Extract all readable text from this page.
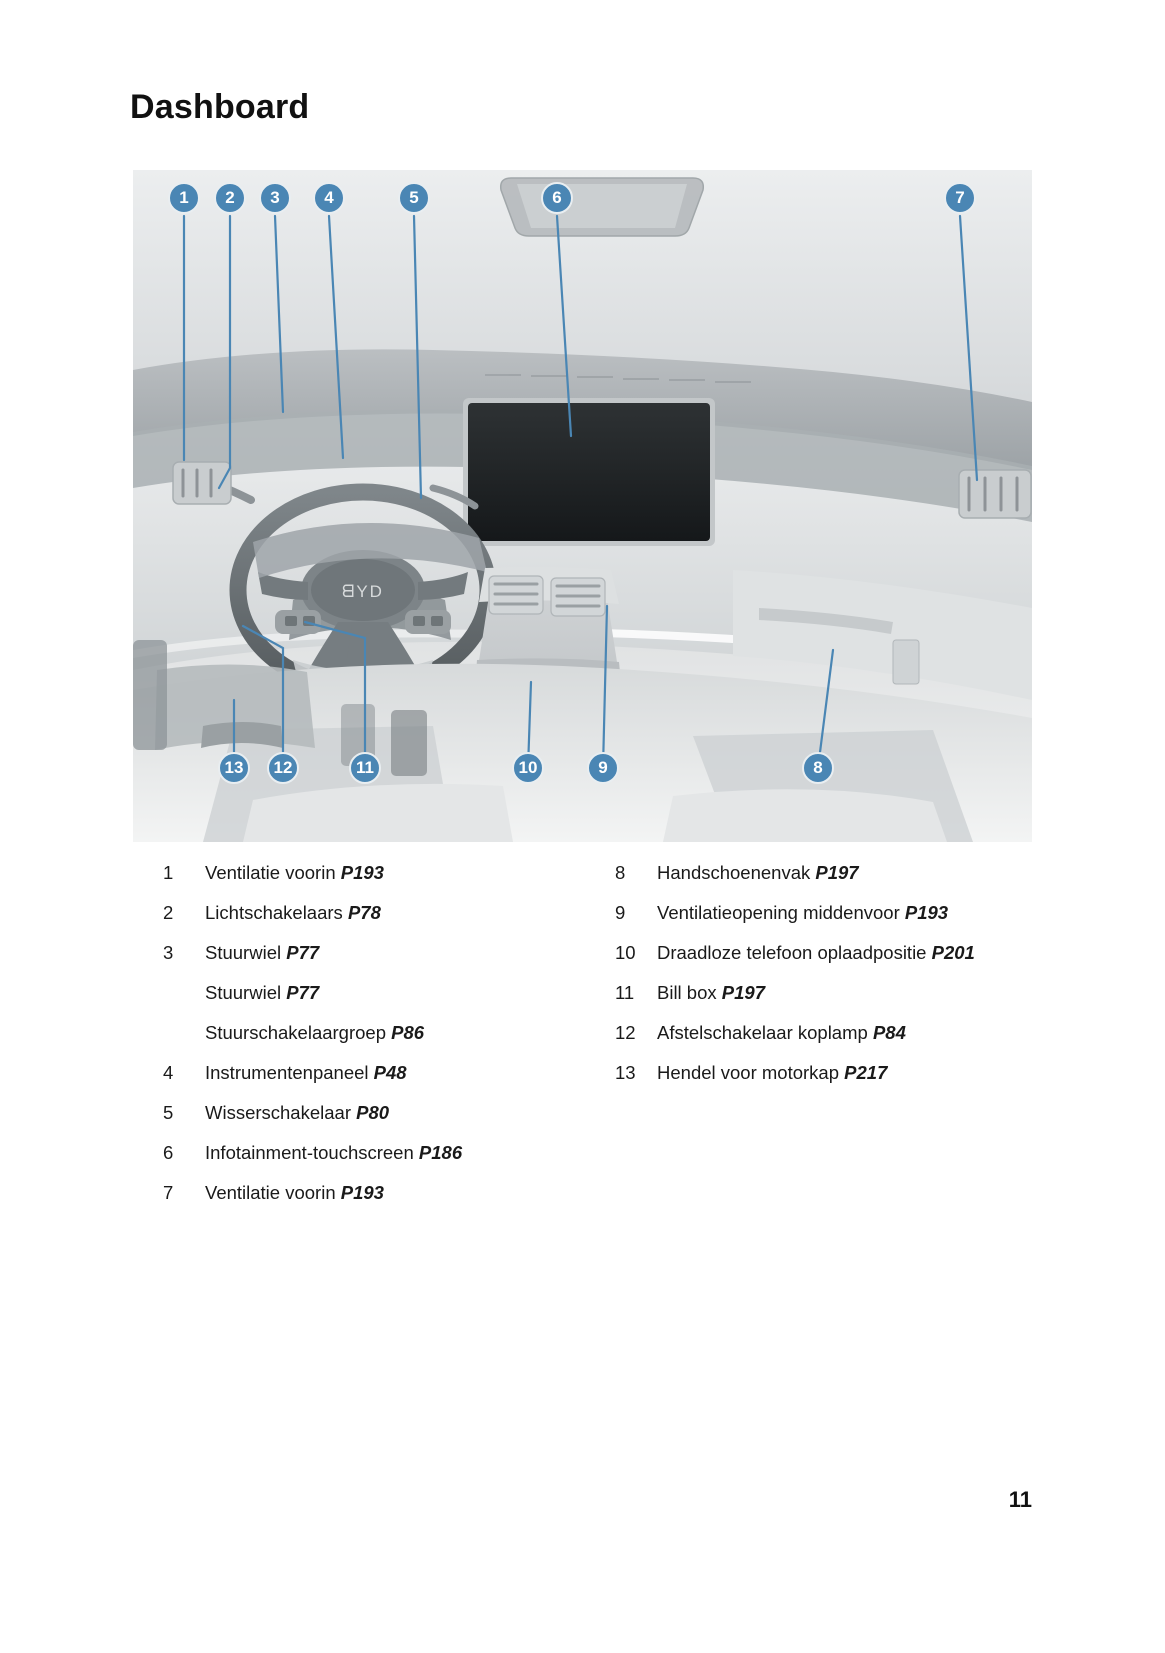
Dashboard
ᗺYD
1	2	3	4	5	6	7
8
9
10
11
12
13
1	Ventilatie voorin P193
2	Lichtschakelaars P78
3	Stuurwiel P77
Stuurwiel P77
Stuurschakelaargroep P86
4	Instrumentenpaneel P48
5	Wisserschakelaar P80
6	Infotainment-touchscreen P186
7	Ventilatie voorin P193
8	Handschoenenvak P197
9	Ventilatieopening middenvoor P193
10	Draadloze telefoon oplaadpositie P201
11	Bill box P197
12	Afstelschakelaar koplamp P84
13	Hendel voor motorkap P217
11
